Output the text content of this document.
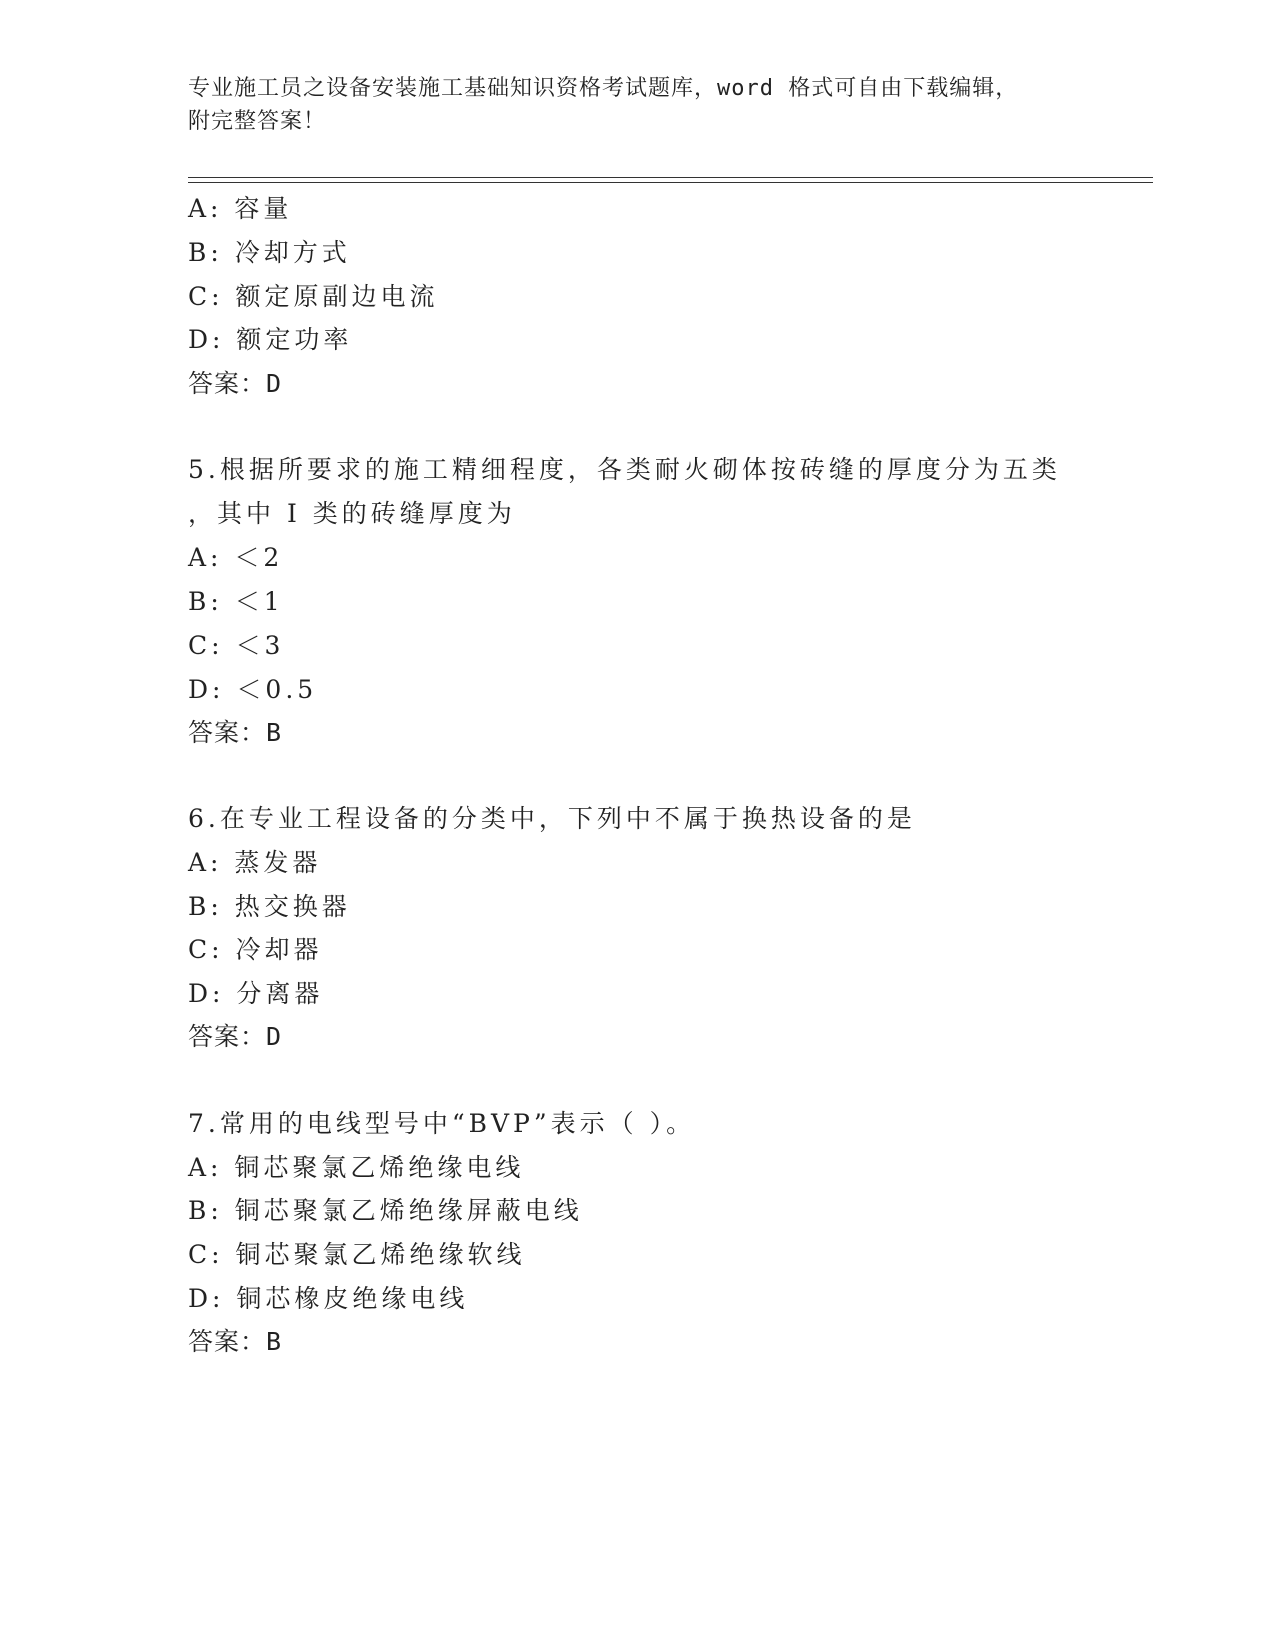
专业施工员之设备安装施工基础知识资格考试题库，word 格式可自由下载编辑，
附完整答案！
A: 容量
B: 冷却方式
C: 额定原副边电流
D: 额定功率
答案：D
5.根据所要求的施工精细程度，各类耐火砌体按砖缝的厚度分为五类
，其中 I 类的砖缝厚度为
A: ＜2
B: ＜1
C: ＜3
D: ＜0.5
答案：B
6.在专业工程设备的分类中，下列中不属于换热设备的是
A: 蒸发器
B: 热交换器
C: 冷却器
D: 分离器
答案：D
7.常用的电线型号中“BVP”表示（ ）。
A: 铜芯聚氯乙烯绝缘电线
B: 铜芯聚氯乙烯绝缘屏蔽电线
C: 铜芯聚氯乙烯绝缘软线
D: 铜芯橡皮绝缘电线
答案：B
